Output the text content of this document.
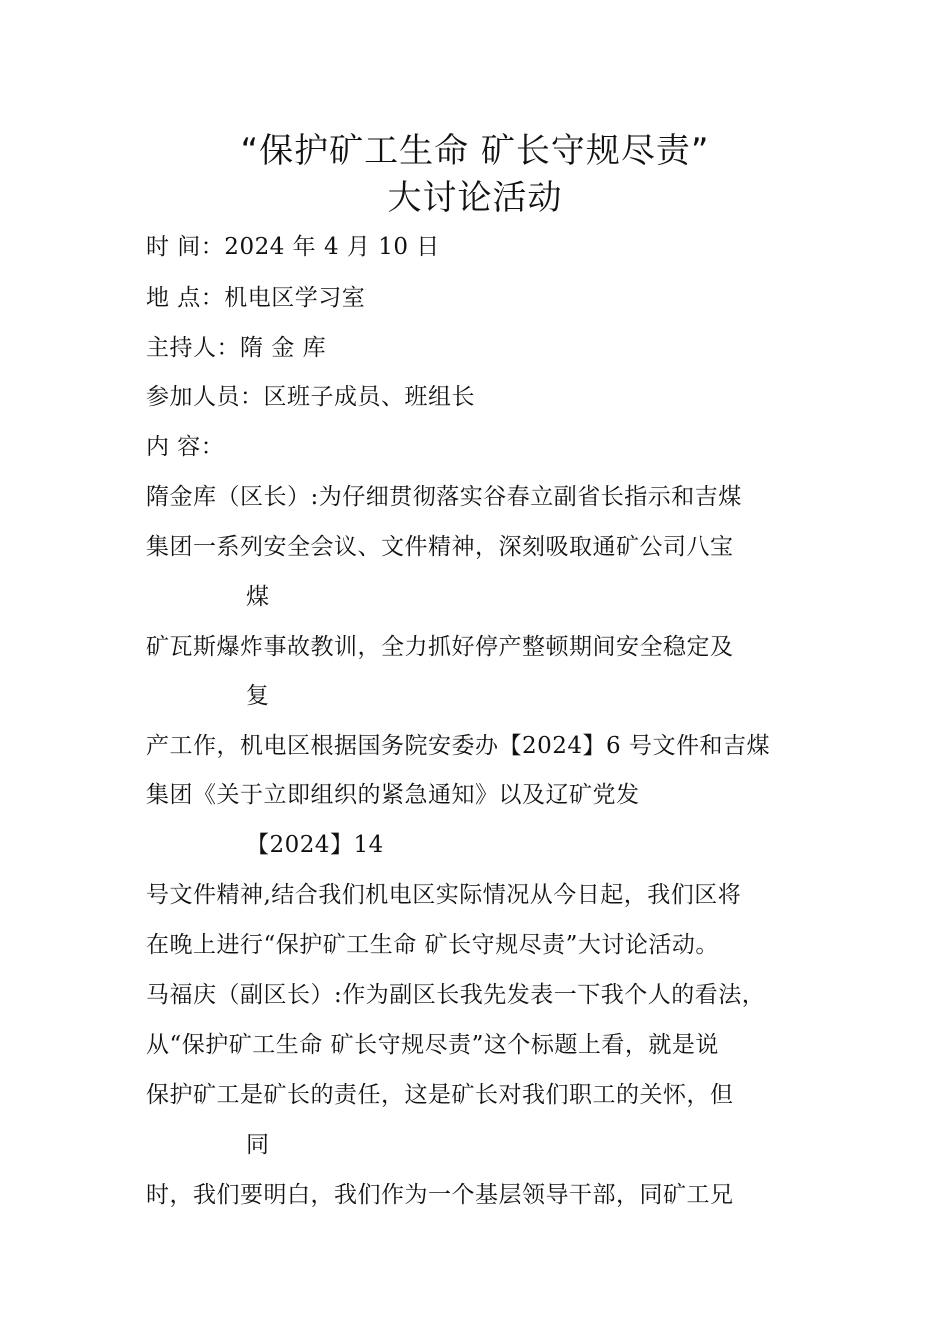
“保护矿工生命 矿长守规尽责”
大讨论活动
时 间：2024 年 4 月 10 日
地 点：机电区学习室
主持人：隋 金 库
参加人员：区班子成员、班组长
内 容：
隋金库（区长）:为仔细贯彻落实谷春立副省长指示和吉煤
集团一系列安全会议、文件精神，深刻吸取通矿公司八宝
煤
矿瓦斯爆炸事故教训，全力抓好停产整顿期间安全稳定及
复
产工作，机电区根据国务院安委办【2024】6 号文件和吉煤
集团《关于立即组织的紧急通知》以及辽矿党发
【2024】14
号文件精神,结合我们机电区实际情况从今日起，我们区将
在晚上进行“保护矿工生命 矿长守规尽责”大讨论活动。
马福庆（副区长）:作为副区长我先发表一下我个人的看法，
从“保护矿工生命 矿长守规尽责”这个标题上看，就是说
保护矿工是矿长的责任，这是矿长对我们职工的关怀，但
同
时，我们要明白，我们作为一个基层领导干部，同矿工兄
